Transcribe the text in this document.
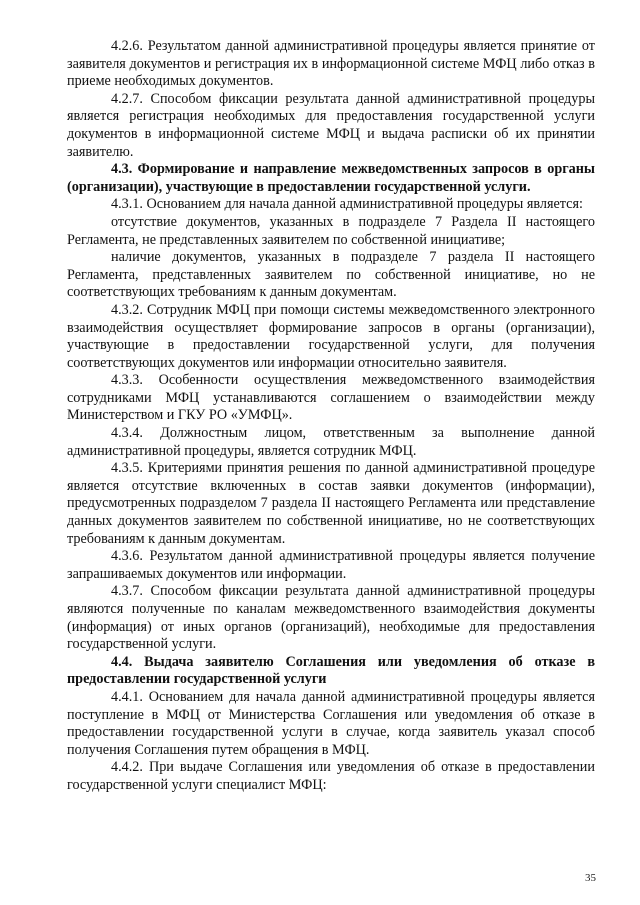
4.2.6. Результатом данной административной процедуры является принятие от заявителя документов и регистрация их в информационной системе МФЦ либо отказ в приеме необходимых документов.

4.2.7. Способом фиксации результата данной административной процедуры является регистрация необходимых для предоставления государственной услуги документов в информационной системе МФЦ и выдача расписки об их принятии заявителю.

4.3. Формирование и направление межведомственных запросов в органы (организации), участвующие в предоставлении государственной услуги.

4.3.1. Основанием для начала данной административной процедуры является:

отсутствие документов, указанных в подразделе 7 Раздела II настоящего Регламента, не представленных заявителем по собственной инициативе;

наличие документов, указанных в подразделе 7 раздела II настоящего Регламента, представленных заявителем по собственной инициативе, но не соответствующих требованиям к данным документам.

4.3.2. Сотрудник МФЦ при помощи системы межведомственного электронного взаимодействия осуществляет формирование запросов в органы (организации), участвующие в предоставлении государственной услуги, для получения соответствующих документов или информации относительно заявителя.

4.3.3. Особенности осуществления межведомственного взаимодействия сотрудниками МФЦ устанавливаются соглашением о взаимодействии между Министерством и ГКУ РО «УМФЦ».

4.3.4. Должностным лицом, ответственным за выполнение данной административной процедуры, является сотрудник МФЦ.

4.3.5. Критериями принятия решения по данной административной процедуре является отсутствие включенных в состав заявки документов (информации), предусмотренных подразделом 7 раздела II настоящего Регламента или представление данных документов заявителем по собственной инициативе, но не соответствующих требованиям к данным документам.

4.3.6. Результатом данной административной процедуры является получение запрашиваемых документов или информации.

4.3.7. Способом фиксации результата данной административной процедуры являются полученные по каналам межведомственного взаимодействия документы (информация) от иных органов (организаций), необходимые для предоставления государственной услуги.

4.4. Выдача заявителю Соглашения или уведомления об отказе в предоставлении государственной услуги

4.4.1. Основанием для начала данной административной процедуры является поступление в МФЦ от Министерства Соглашения или уведомления об отказе в предоставлении государственной услуги в случае, когда заявитель указал способ получения Соглашения путем обращения в МФЦ.

4.4.2. При выдаче Соглашения или уведомления об отказе в предоставлении государственной услуги специалист МФЦ:

35
